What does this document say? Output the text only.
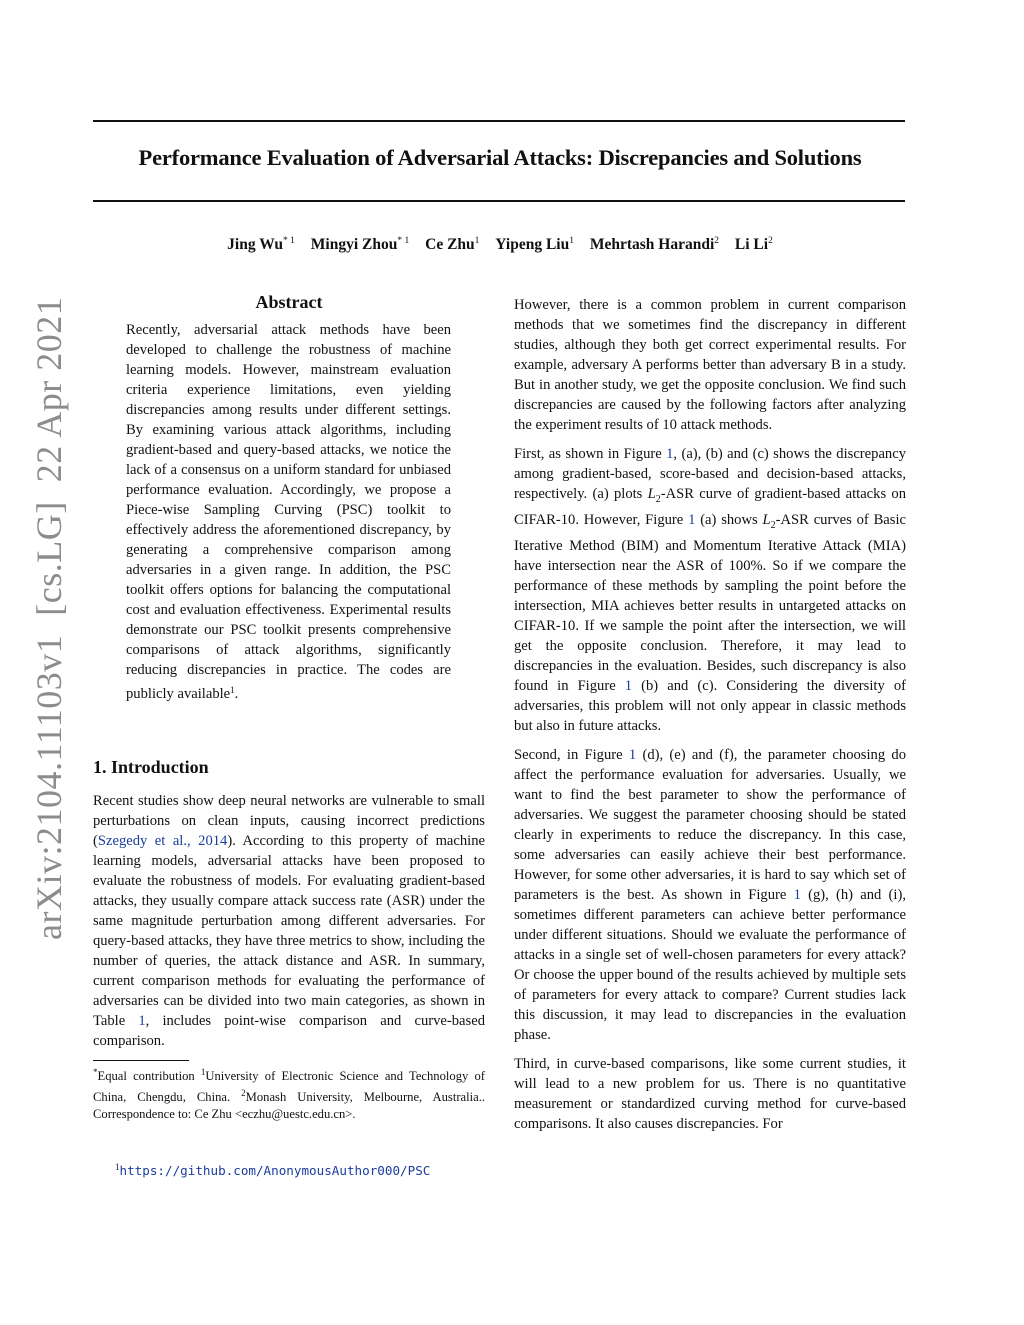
arXiv:2104.11103v1  [cs.LG]  22 Apr 2021
Performance Evaluation of Adversarial Attacks: Discrepancies and Solutions
Jing Wu$^{* 1}$ Mingyi Zhou$^{* 1}$ Ce Zhu$^1$ Yipeng Liu$^1$ Mehrtash Harandi$^2$ Li Li$^2$
Abstract

Recently, adversarial attack methods have been developed to challenge the robustness of machine learning models. However, mainstream evaluation criteria experience limitations, even yielding discrepancies among results under different settings. By examining various attack algorithms, including gradient-based and query-based attacks, we notice the lack of a consensus on a uniform standard for unbiased performance evaluation. Accordingly, we propose a Piece-wise Sampling Curving (PSC) toolkit to effectively address the aforementioned discrepancy, by generating a comprehensive comparison among adversaries in a given range. In addition, the PSC toolkit offers options for balancing the computational cost and evaluation effectiveness. Experimental results demonstrate our PSC toolkit presents comprehensive comparisons of attack algorithms, significantly reducing discrepancies in practice. The codes are publicly available$^1$.

1. Introduction

Recent studies show deep neural networks are vulnerable to small perturbations on clean inputs, causing incorrect predictions (Szegedy et al., 2014). According to this property of machine learning models, adversarial attacks have been proposed to evaluate the robustness of models. For evaluating gradient-based attacks, they usually compare attack success rate (ASR) under the same magnitude perturbation among different adversaries. For query-based attacks, they have three metrics to show, including the number of queries, the attack distance and ASR. In summary, current comparison methods for evaluating the performance of adversaries can be divided into two main categories, as shown in Table 1, includes point-wise comparison and curve-based comparison.

*Equal contribution $^1$University of Electronic Science and Technology of China, Chengdu, China. $^2$Monash University, Melbourne, Australia.. Correspondence to: Ce Zhu <eczhu@uestc.edu.cn>.

$^1$https://github.com/AnonymousAuthor000/PSC

However, there is a common problem in current comparison methods that we sometimes find the discrepancy in different studies, although they both get correct experimental results. For example, adversary A performs better than adversary B in a study. But in another study, we get the opposite conclusion. We find such discrepancies are caused by the following factors after analyzing the experiment results of 10 attack methods.

First, as shown in Figure 1, (a), (b) and (c) shows the discrepancy among gradient-based, score-based and decision-based attacks, respectively. (a) plots $L_2$-ASR curve of gradient-based attacks on CIFAR-10. However, Figure 1 (a) shows $L_2$-ASR curves of Basic Iterative Method (BIM) and Momentum Iterative Attack (MIA) have intersection near the ASR of 100%. So if we compare the performance of these methods by sampling the point before the intersection, MIA achieves better results in untargeted attacks on CIFAR-10. If we sample the point after the intersection, we will get the opposite conclusion. Therefore, it may lead to discrepancies in the evaluation. Besides, such discrepancy is also found in Figure 1 (b) and (c). Considering the diversity of adversaries, this problem will not only appear in classic methods but also in future attacks.

Second, in Figure 1 (d), (e) and (f), the parameter choosing do affect the performance evaluation for adversaries. Usually, we want to find the best parameter to show the performance of adversaries. We suggest the parameter choosing should be stated clearly in experiments to reduce the discrepancy. In this case, some adversaries can easily achieve their best performance. However, for some other adversaries, it is hard to say which set of parameters is the best. As shown in Figure 1 (g), (h) and (i), sometimes different parameters can achieve better performance under different situations. Should we evaluate the performance of attacks in a single set of well-chosen parameters for every attack? Or choose the upper bound of the results achieved by multiple sets of parameters for every attack to compare? Current studies lack this discussion, it may lead to discrepancies in the evaluation phase.

Third, in curve-based comparisons, like some current studies, it will lead to a new problem for us. There is no quantitative measurement or standardized curving method for curve-based comparisons. It also causes discrepancies. For
